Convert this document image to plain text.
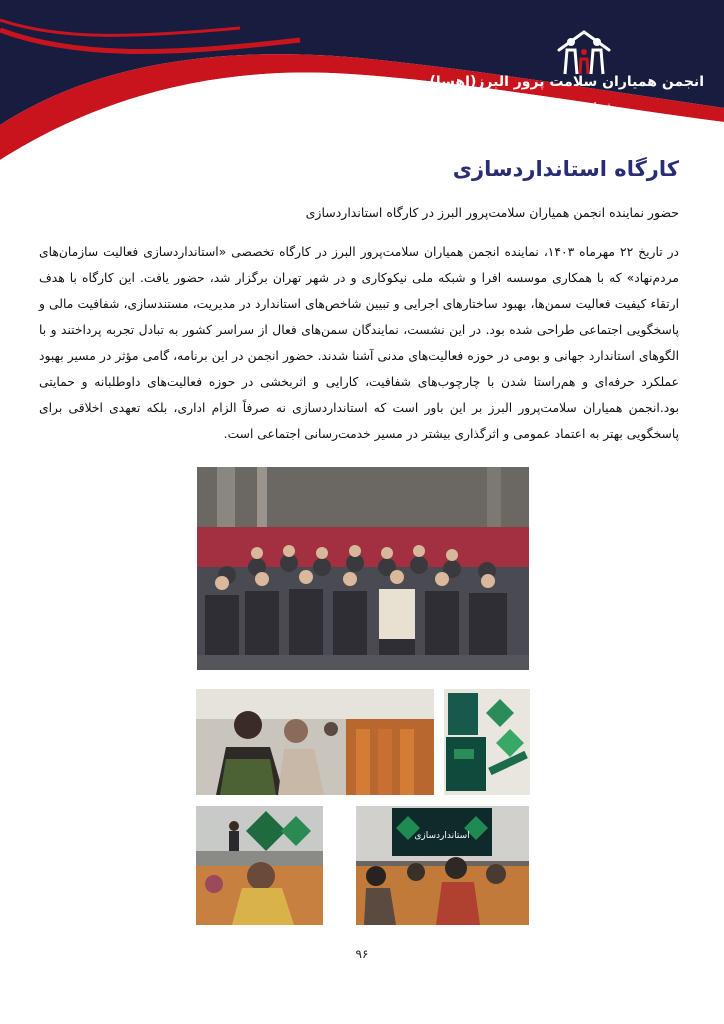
انجمن همیاران سلامت پرور البرز(اهسا)
شماره ثبت : ۲۴۲۳
کارگاه استانداردسازی
حضور نماینده انجمن همیاران سلامت‌پرور البرز در کارگاه استانداردسازی
در تاریخ ۲۲ مهرماه ۱۴۰۳، نماینده انجمن همیاران سلامت‌پرور البرز در کارگاه تخصصی «استانداردسازی فعالیت سازمان‌های مردم‌نهاد» که با همکاری موسسه افرا و شبکه ملی نیکوکاری و در شهر تهران برگزار شد، حضور یافت. این کارگاه با هدف ارتقاء کیفیت فعالیت سمن‌ها، بهبود ساختارهای اجرایی و تبیین شاخص‌های استاندارد در مدیریت، مستندسازی، شفافیت مالی و پاسخگویی اجتماعی طراحی شده بود. در این نشست، نمایندگان سمن‌های فعال از سراسر کشور به تبادل تجربه پرداختند و با الگوهای استاندارد جهانی و بومی در حوزه فعالیت‌های مدنی آشنا شدند. حضور انجمن در این برنامه، گامی مؤثر در مسیر بهبود عملکرد حرفه‌ای و هم‌راستا شدن با چارچوب‌های شفافیت، کارایی و اثربخشی در حوزه فعالیت‌های داوطلبانه و حمایتی بود.انجمن همیاران سلامت‌پرور البرز بر این باور است که استانداردسازی نه صرفاً الزام اداری، بلکه تعهدی اخلاقی برای پاسخگویی بهتر به اعتماد عمومی و اثرگذاری بیشتر در مسیر خدمت‌رسانی اجتماعی است.
استانداردسازی
۹۶
